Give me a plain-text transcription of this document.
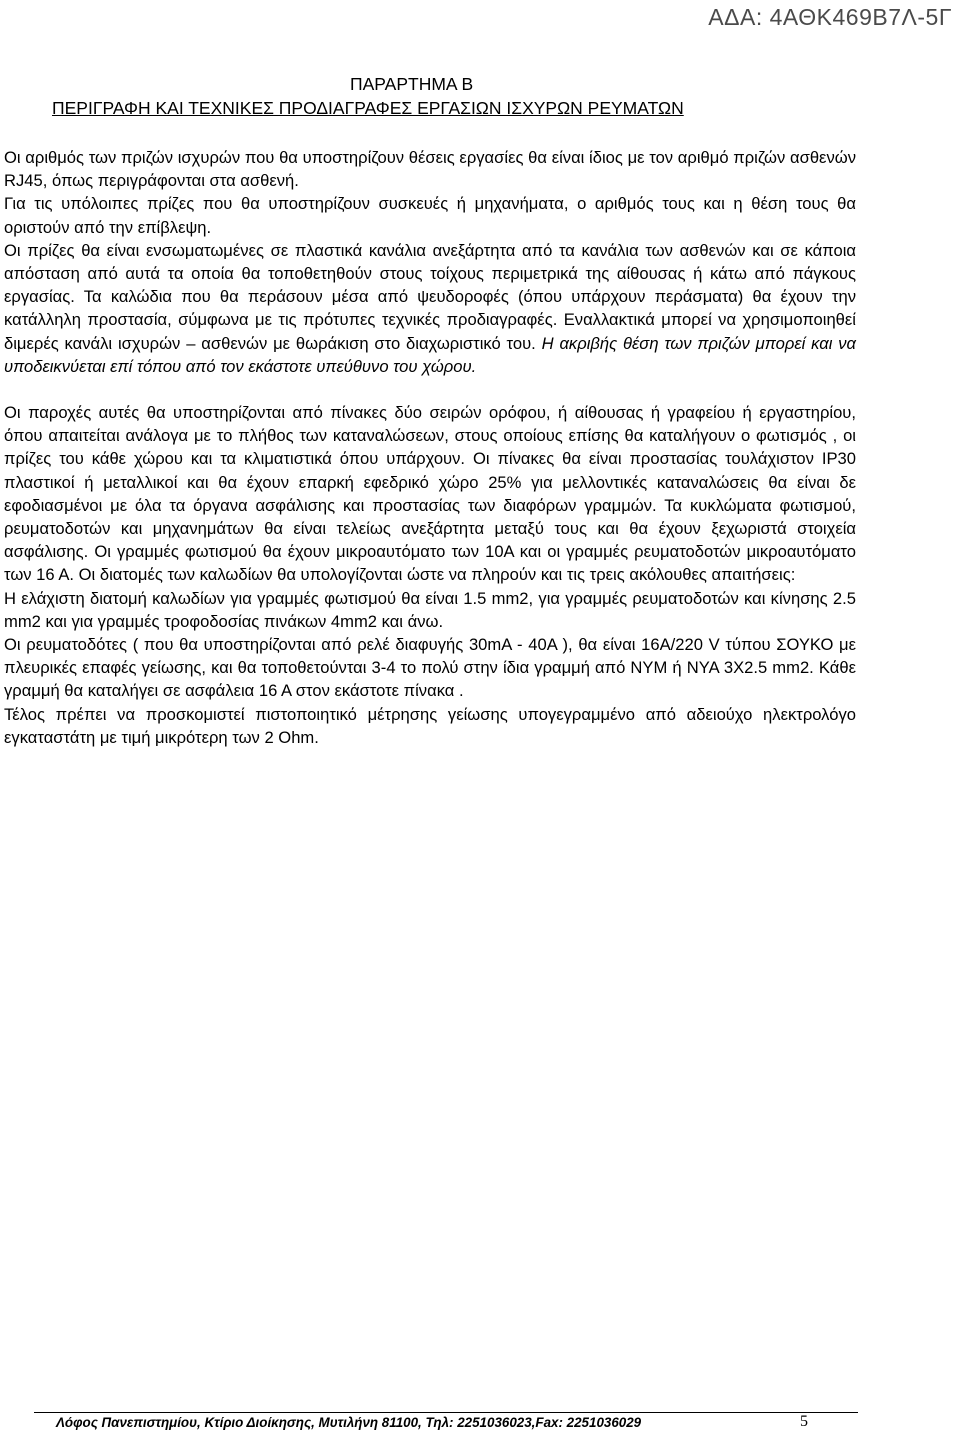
ΑΔΑ: 4ΑΘΚ469Β7Λ-5Γ
ΠΑΡΑΡΤΗΜΑ Β
ΠΕΡΙΓΡΑΦΗ ΚΑΙ ΤΕΧΝΙΚΕΣ ΠΡΟΔΙΑΓΡΑΦΕΣ ΕΡΓΑΣΙΩΝ ΙΣΧΥΡΩΝ ΡΕΥΜΑΤΩΝ

Οι αριθμός των πριζών ισχυρών που θα υποστηρίζουν θέσεις εργασίες θα είναι ίδιος με τον αριθμό πριζών ασθενών RJ45, όπως περιγράφονται στα ασθενή.

Για τις υπόλοιπες πρίζες που θα υποστηρίζουν συσκευές ή μηχανήματα, ο αριθμός τους και η θέση τους θα οριστούν από την επίβλεψη.

Οι πρίζες θα είναι ενσωματωμένες σε πλαστικά κανάλια ανεξάρτητα από τα κανάλια των ασθενών και σε κάποια απόσταση από αυτά τα οποία θα τοποθετηθούν στους τοίχους περιμετρικά της αίθουσας ή κάτω από πάγκους εργασίας. Τα καλώδια που θα περάσουν μέσα από ψευδοροφές (όπου υπάρχουν περάσματα) θα έχουν την κατάλληλη προστασία, σύμφωνα με τις πρότυπες τεχνικές προδιαγραφές. Εναλλακτικά μπορεί να χρησιμοποιηθεί διμερές κανάλι ισχυρών – ασθενών με θωράκιση στο διαχωριστικό του. Η ακριβής θέση των πριζών μπορεί και να υποδεικνύεται επί τόπου από τον εκάστοτε υπεύθυνο του χώρου.

Οι παροχές αυτές θα υποστηρίζονται από πίνακες δύο σειρών ορόφου, ή αίθουσας ή γραφείου ή εργαστηρίου, όπου απαιτείται ανάλογα με το πλήθος των καταναλώσεων, στους οποίους επίσης θα καταλήγουν ο φωτισμός , οι πρίζες του κάθε χώρου και τα κλιματιστικά όπου υπάρχουν. Οι πίνακες θα είναι προστασίας τουλάχιστον IP30 πλαστικοί ή μεταλλικοί και θα έχουν επαρκή εφεδρικό χώρο 25% για μελλοντικές καταναλώσεις θα είναι δε εφοδιασμένοι με όλα τα όργανα ασφάλισης και προστασίας των διαφόρων γραμμών. Τα κυκλώματα φωτισμού, ρευματοδοτών και μηχανημάτων θα είναι τελείως ανεξάρτητα μεταξύ τους και θα έχουν ξεχωριστά στοιχεία ασφάλισης. Οι γραμμές φωτισμού θα έχουν μικροαυτόματο των 10Α και οι γραμμές ρευματοδοτών μικροαυτόματο των 16 Α. Οι διατομές των καλωδίων θα υπολογίζονται ώστε να πληρούν και τις τρεις ακόλουθες απαιτήσεις:

Η ελάχιστη διατομή καλωδίων για γραμμές φωτισμού θα είναι 1.5 mm2, για γραμμές ρευματοδοτών και κίνησης 2.5 mm2 και για γραμμές τροφοδοσίας πινάκων 4mm2 και άνω.

Οι ρευματοδότες ( που θα υποστηρίζονται από ρελέ διαφυγής 30mA - 40A ), θα είναι 16Α/220 V τύπου ΣΟΥΚΟ με πλευρικές επαφές γείωσης, και θα τοποθετούνται 3-4 το πολύ στην ίδια γραμμή από ΝΥΜ ή NYA 3X2.5 mm2. Κάθε γραμμή θα καταλήγει σε ασφάλεια 16 Α στον εκάστοτε πίνακα .

Τέλος πρέπει να προσκομιστεί πιστοποιητικό μέτρησης γείωσης υπογεγραμμένο από αδειούχο ηλεκτρολόγο εγκαταστάτη με τιμή μικρότερη των 2 Ohm.

Λόφος Πανεπιστημίου, Κτίριο Διοίκησης, Μυτιλήνη 81100, Τηλ: 2251036023,Fax: 2251036029	5
